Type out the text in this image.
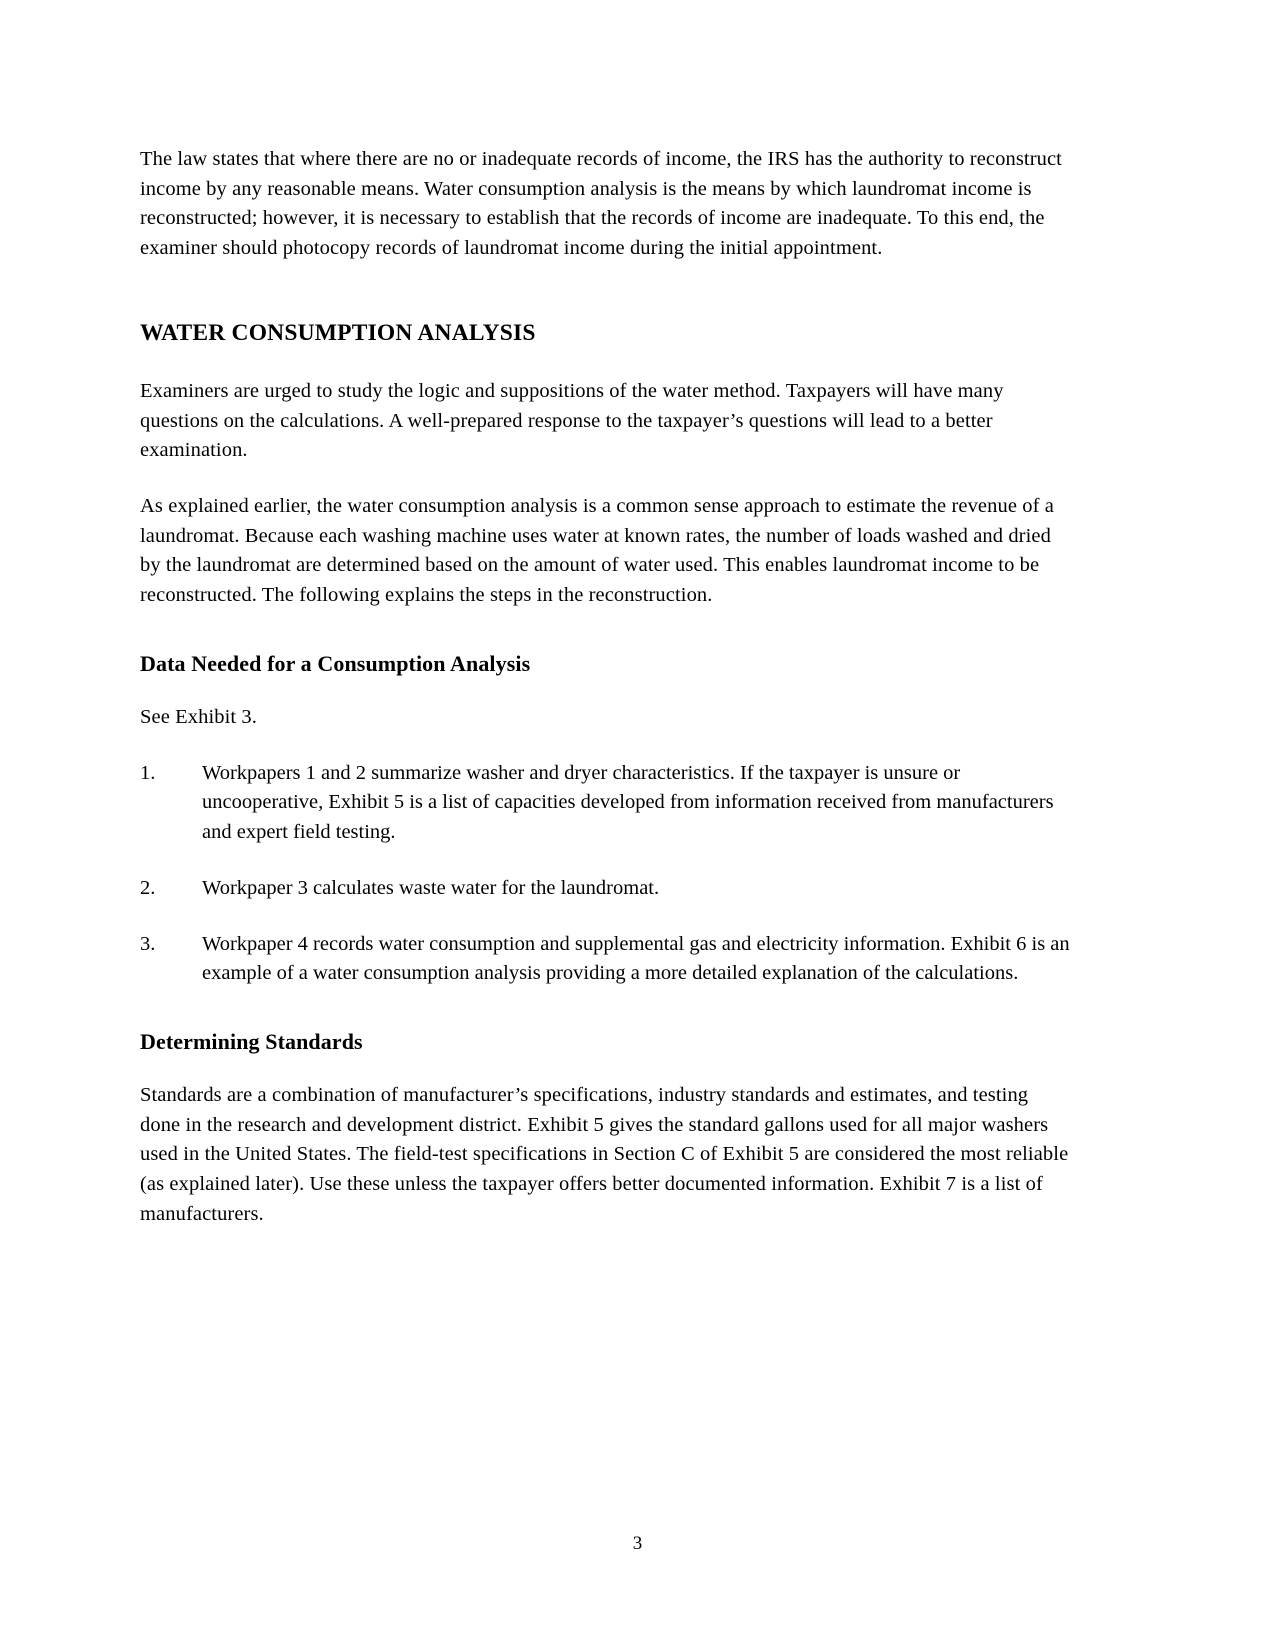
The law states that where there are no or inadequate records of income, the IRS has the authority to reconstruct income by any reasonable means. Water consumption analysis is the means by which laundromat income is reconstructed; however, it is necessary to establish that the records of income are inadequate. To this end, the examiner should photocopy records of laundromat income during the initial appointment.

WATER CONSUMPTION ANALYSIS

Examiners are urged to study the logic and suppositions of the water method. Taxpayers will have many questions on the calculations. A well-prepared response to the taxpayer’s questions will lead to a better examination.

As explained earlier, the water consumption analysis is a common sense approach to estimate the revenue of a laundromat. Because each washing machine uses water at known rates, the number of loads washed and dried by the laundromat are determined based on the amount of water used. This enables laundromat income to be reconstructed. The following explains the steps in the reconstruction.

Data Needed for a Consumption Analysis

See Exhibit 3.

1.	Workpapers 1 and 2 summarize washer and dryer characteristics. If the taxpayer is unsure or uncooperative, Exhibit 5 is a list of capacities developed from information received from manufacturers and expert field testing.
2.	Workpaper 3 calculates waste water for the laundromat.
3.	Workpaper 4 records water consumption and supplemental gas and electricity information. Exhibit 6 is an example of a water consumption analysis providing a more detailed explanation of the calculations.
Determining Standards

Standards are a combination of manufacturer’s specifications, industry standards and estimates, and testing done in the research and development district. Exhibit 5 gives the standard gallons used for all major washers used in the United States. The field-test specifications in Section C of Exhibit 5 are considered the most reliable (as explained later). Use these unless the taxpayer offers better documented information. Exhibit 7 is a list of manufacturers.

3
